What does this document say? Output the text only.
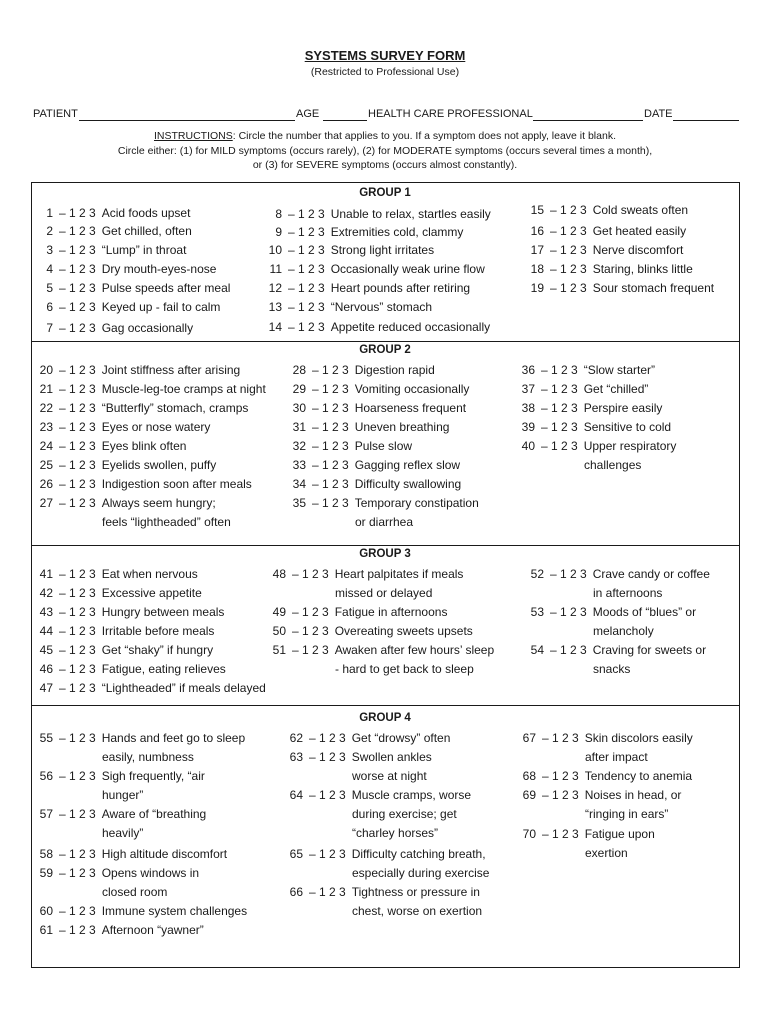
SYSTEMS SURVEY FORM
(Restricted to Professional Use)
PATIENT	AGE	HEALTH CARE PROFESSIONAL	DATE
INSTRUCTIONS: Circle the number that applies to you. If a symptom does not apply, leave it blank.
Circle either: (1) for MILD symptoms (occurs rarely), (2) for MODERATE symptoms (occurs several times a month),
or (3) for SEVERE symptoms (occurs almost constantly).
GROUP 1
GROUP 2
GROUP 3
GROUP 4
1 – 1 2 3 Acid foods upset
2 – 1 2 3 Get chilled, often
3 – 1 2 3 “Lump” in throat
4 – 1 2 3 Dry mouth-eyes-nose
5 – 1 2 3 Pulse speeds after meal
6 – 1 2 3 Keyed up - fail to calm
7 – 1 2 3 Gag occasionally
8 – 1 2 3 Unable to relax, startles easily
9 – 1 2 3 Extremities cold, clammy
10 – 1 2 3 Strong light irritates
11 – 1 2 3 Occasionally weak urine flow
12 – 1 2 3 Heart pounds after retiring
13 – 1 2 3 “Nervous” stomach
14 – 1 2 3 Appetite reduced occasionally
15 – 1 2 3 Cold sweats often
16 – 1 2 3 Get heated easily
17 – 1 2 3 Nerve discomfort
18 – 1 2 3 Staring, blinks little
19 – 1 2 3 Sour stomach frequent
20 – 1 2 3 Joint stiffness after arising
21 – 1 2 3 Muscle-leg-toe cramps at night
22 – 1 2 3 “Butterfly” stomach, cramps
23 – 1 2 3 Eyes or nose watery
24 – 1 2 3 Eyes blink often
25 – 1 2 3 Eyelids swollen, puffy
26 – 1 2 3 Indigestion soon after meals
27 – 1 2 3 Always seem hungry;
feels “lightheaded” often
28 – 1 2 3 Digestion rapid
29 – 1 2 3 Vomiting occasionally
30 – 1 2 3 Hoarseness frequent
31 – 1 2 3 Uneven breathing
32 – 1 2 3 Pulse slow
33 – 1 2 3 Gagging reflex slow
34 – 1 2 3 Difficulty swallowing
35 – 1 2 3 Temporary constipation
or diarrhea
36 – 1 2 3 “Slow starter”
37 – 1 2 3 Get “chilled”
38 – 1 2 3 Perspire easily
39 – 1 2 3 Sensitive to cold
40 – 1 2 3 Upper respiratory
challenges
41 – 1 2 3 Eat when nervous
42 – 1 2 3 Excessive appetite
43 – 1 2 3 Hungry between meals
44 – 1 2 3 Irritable before meals
45 – 1 2 3 Get “shaky” if hungry
46 – 1 2 3 Fatigue, eating relieves
47 – 1 2 3 “Lightheaded” if meals delayed
48 – 1 2 3 Heart palpitates if meals
missed or delayed
49 – 1 2 3 Fatigue in afternoons
50 – 1 2 3 Overeating sweets upsets
51 – 1 2 3 Awaken after few hours’ sleep
- hard to get back to sleep
52 – 1 2 3 Crave candy or coffee
in afternoons
53 – 1 2 3 Moods of “blues” or
melancholy
54 – 1 2 3 Craving for sweets or
snacks
55 – 1 2 3 Hands and feet go to sleep
easily, numbness
56 – 1 2 3 Sigh frequently, “air
hunger”
57 – 1 2 3 Aware of “breathing
heavily”
58 – 1 2 3 High altitude discomfort
59 – 1 2 3 Opens windows in
closed room
60 – 1 2 3 Immune system challenges
61 – 1 2 3 Afternoon “yawner”
62 – 1 2 3 Get “drowsy” often
63 – 1 2 3 Swollen ankles
worse at night
64 – 1 2 3 Muscle cramps, worse
during exercise; get
“charley horses”
65 – 1 2 3 Difficulty catching breath,
especially during exercise
66 – 1 2 3 Tightness or pressure in
chest, worse on exertion
67 – 1 2 3 Skin discolors easily
after impact
68 – 1 2 3 Tendency to anemia
69 – 1 2 3 Noises in head, or
“ringing in ears”
70 – 1 2 3 Fatigue upon
exertion
